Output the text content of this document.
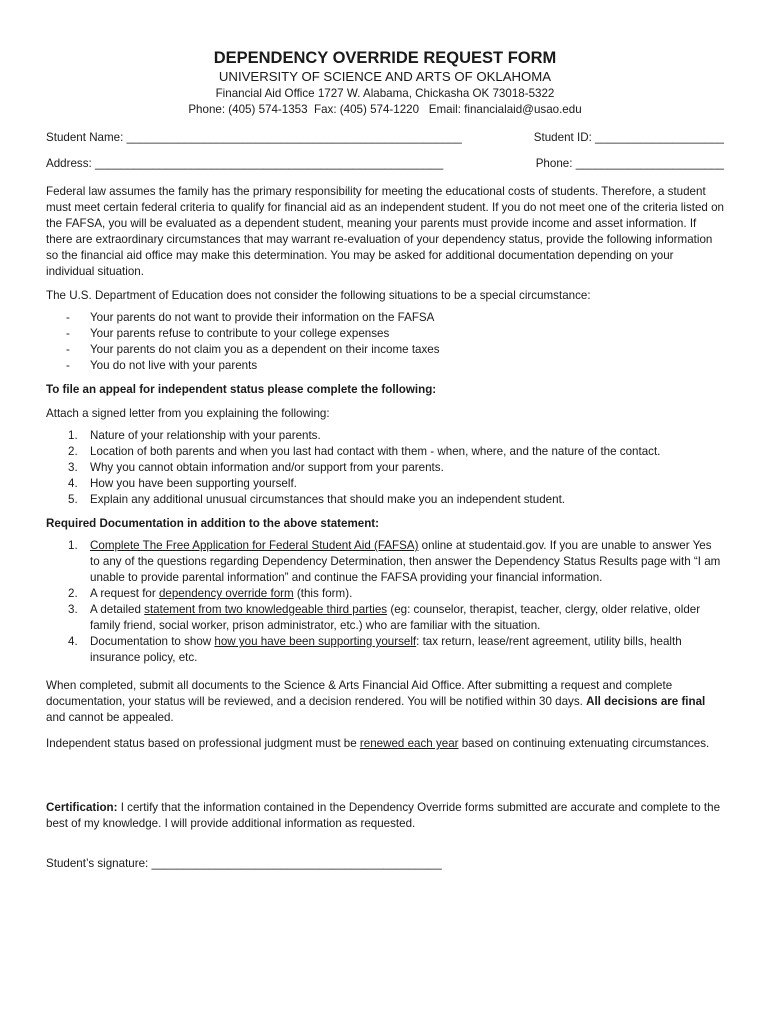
DEPENDENCY OVERRIDE REQUEST FORM
UNIVERSITY OF SCIENCE AND ARTS OF OKLAHOMA
Financial Aid Office 1727 W. Alabama, Chickasha OK 73018-5322
Phone: (405) 574-1353  Fax: (405) 574-1220   Email: financialaid@usao.edu
Student Name: ____________________________________________________	Student ID: ____________________
Address: ______________________________________________________	Phone: _______________________

Federal law assumes the family has the primary responsibility for meeting the educational costs of students. Therefore, a student must meet certain federal criteria to qualify for financial aid as an independent student. If you do not meet one of the criteria listed on the FAFSA, you will be evaluated as a dependent student, meaning your parents must provide income and asset information. If there are extraordinary circumstances that may warrant re-evaluation of your dependency status, provide the following information so the financial aid office may make this determination. You may be asked for additional documentation depending on your individual situation.

The U.S. Department of Education does not consider the following situations to be a special circumstance:

- Your parents do not want to provide their information on the FAFSA
- Your parents refuse to contribute to your college expenses
- Your parents do not claim you as a dependent on their income taxes
- You do not live with your parents

To file an appeal for independent status please complete the following:

Attach a signed letter from you explaining the following:

1. Nature of your relationship with your parents.
2. Location of both parents and when you last had contact with them - when, where, and the nature of the contact.
3. Why you cannot obtain information and/or support from your parents.
4. How you have been supporting yourself.
5. Explain any additional unusual circumstances that should make you an independent student.

Required Documentation in addition to the above statement:

1. Complete The Free Application for Federal Student Aid (FAFSA) online at studentaid.gov. If you are unable to answer Yes to any of the questions regarding Dependency Determination, then answer the Dependency Status Results page with “I am unable to provide parental information” and continue the FAFSA providing your financial information.
2. A request for dependency override form (this form).
3. A detailed statement from two knowledgeable third parties (eg: counselor, therapist, teacher, clergy, older relative, older family friend, social worker, prison administrator, etc.) who are familiar with the situation.
4. Documentation to show how you have been supporting yourself: tax return, lease/rent agreement, utility bills, health insurance policy, etc.

When completed, submit all documents to the Science & Arts Financial Aid Office. After submitting a request and complete documentation, your status will be reviewed, and a decision rendered. You will be notified within 30 days. All decisions are final and cannot be appealed.

Independent status based on professional judgment must be renewed each year based on continuing extenuating circumstances.

Certification: I certify that the information contained in the Dependency Override forms submitted are accurate and complete to the best of my knowledge. I will provide additional information as requested.

Student’s signature: _____________________________________________
